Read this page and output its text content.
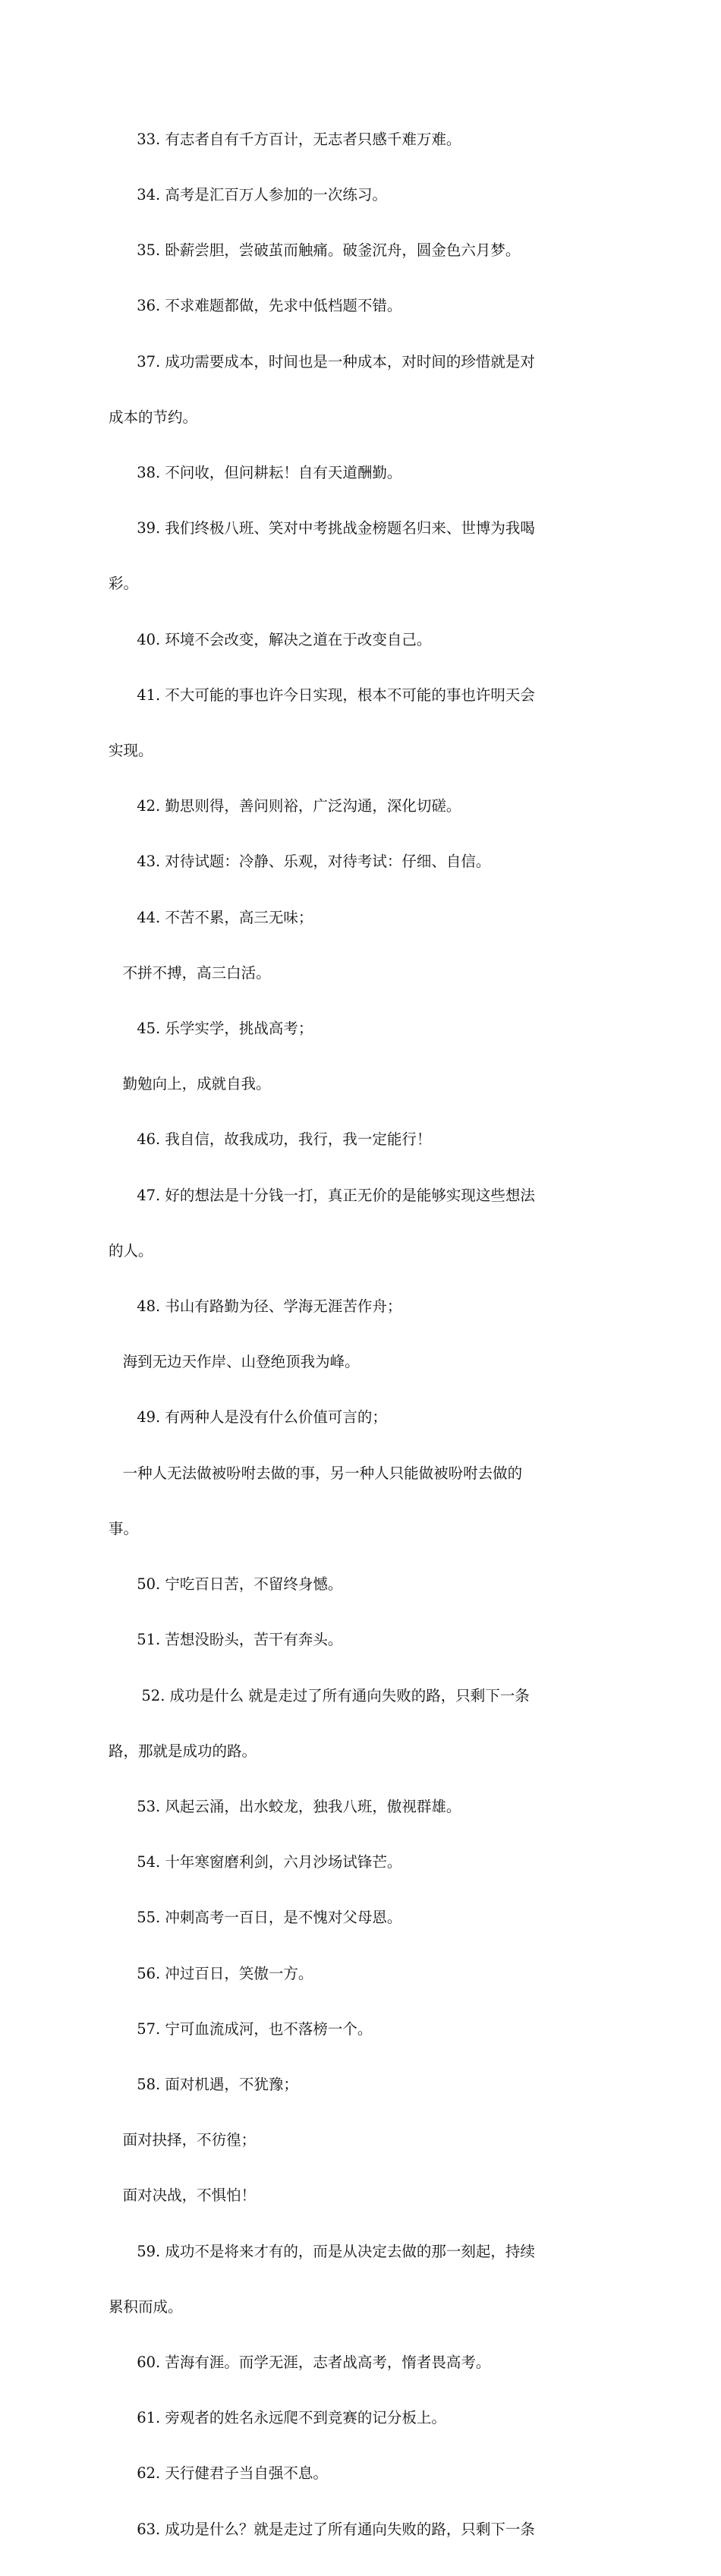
33. 有志者自有千方百计，无志者只感千难万难。

34. 高考是汇百万人参加的一次练习。

35. 卧薪尝胆，尝破茧而触痛。破釜沉舟，圆金色六月梦。

36. 不求难题都做，先求中低档题不错。

37. 成功需要成本，时间也是一种成本，对时间的珍惜就是对

成本的节约。

38. 不问收，但问耕耘！自有天道酬勤。

39. 我们终极八班、笑对中考挑战金榜题名归来、世博为我喝

彩。

40. 环境不会改变，解决之道在于改变自己。

41. 不大可能的事也许今日实现，根本不可能的事也许明天会

实现。

42. 勤思则得，善问则裕，广泛沟通，深化切磋。

43. 对待试题：冷静、乐观，对待考试：仔细、自信。

44. 不苦不累，高三无味；

不拼不搏，高三白活。

45. 乐学实学，挑战高考；

勤勉向上，成就自我。

46. 我自信，故我成功，我行，我一定能行！

47. 好的想法是十分钱一打，真正无价的是能够实现这些想法

的人。

48. 书山有路勤为径、学海无涯苦作舟；

海到无边天作岸、山登绝顶我为峰。

49. 有两种人是没有什么价值可言的；

一种人无法做被吩咐去做的事，另一种人只能做被吩咐去做的

事。

50. 宁吃百日苦，不留终身憾。

51. 苦想没盼头，苦干有奔头。

52. 成功是什么 就是走过了所有通向失败的路，只剩下一条

路，那就是成功的路。

53. 风起云涌，出水蛟龙，独我八班，傲视群雄。

54. 十年寒窗磨利剑，六月沙场试锋芒。

55. 冲刺高考一百日，是不愧对父母恩。

56. 冲过百日，笑傲一方。

57. 宁可血流成河，也不落榜一个。

58. 面对机遇，不犹豫；

面对抉择，不彷徨；

面对决战，不惧怕！

59. 成功不是将来才有的，而是从决定去做的那一刻起，持续

累积而成。

60. 苦海有涯。而学无涯，志者战高考，惰者畏高考。

61. 旁观者的姓名永远爬不到竞赛的记分板上。

62. 天行健君子当自强不息。

63. 成功是什么？就是走过了所有通向失败的路，只剩下一条
